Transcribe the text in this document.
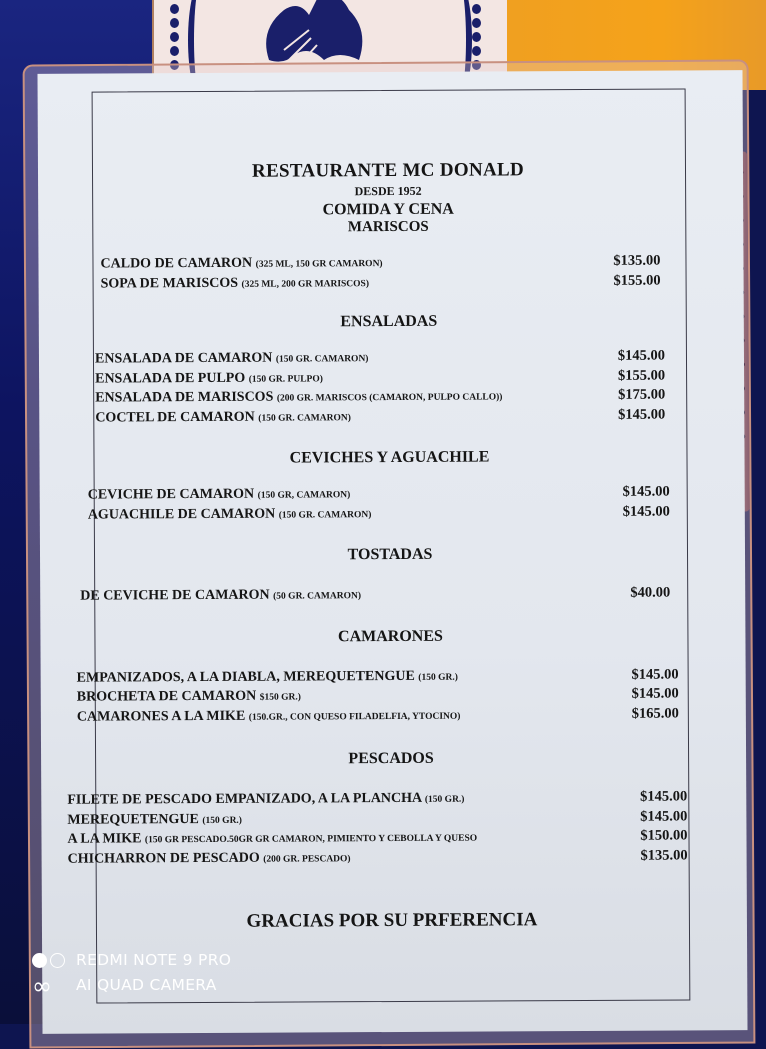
RESTAURANTE MC DONALD
DESDE 1952
COMIDA Y CENA
MARISCOS
CALDO DE CAMARON (325 ML, 150 GR CAMARON)	$135.00
SOPA DE MARISCOS (325 ML, 200 GR MARISCOS)	$155.00
ENSALADAS
ENSALADA DE CAMARON (150 GR. CAMARON)	$145.00
ENSALADA DE PULPO (150 GR. PULPO)	$155.00
ENSALADA DE MARISCOS (200 GR. MARISCOS (CAMARON, PULPO CALLO))	$175.00
COCTEL DE CAMARON (150 GR. CAMARON)	$145.00
CEVICHES Y AGUACHILE
CEVICHE DE CAMARON (150 GR, CAMARON)	$145.00
AGUACHILE DE CAMARON (150 GR. CAMARON)	$145.00
TOSTADAS
DE CEVICHE DE CAMARON (50 GR. CAMARON)	$40.00
CAMARONES
EMPANIZADOS, A LA DIABLA, MEREQUETENGUE (150 GR.)	$145.00
BROCHETA DE CAMARON $150 GR.)	$145.00
CAMARONES A LA MIKE (150.GR., CON QUESO FILADELFIA, YTOCINO)	$165.00
PESCADOS
FILETE DE PESCADO EMPANIZADO, A LA PLANCHA (150 GR.)	$145.00
MEREQUETENGUE (150 GR.)	$145.00
A LA MIKE (150 GR PESCADO.50GR GR CAMARON, PIMIENTO Y CEBOLLA Y QUESO	$150.00
CHICHARRON DE PESCADO (200 GR. PESCADO)	$135.00
GRACIAS POR SU PRFERENCIA
REDMI NOTE 9 PRO
∞	AI QUAD CAMERA
